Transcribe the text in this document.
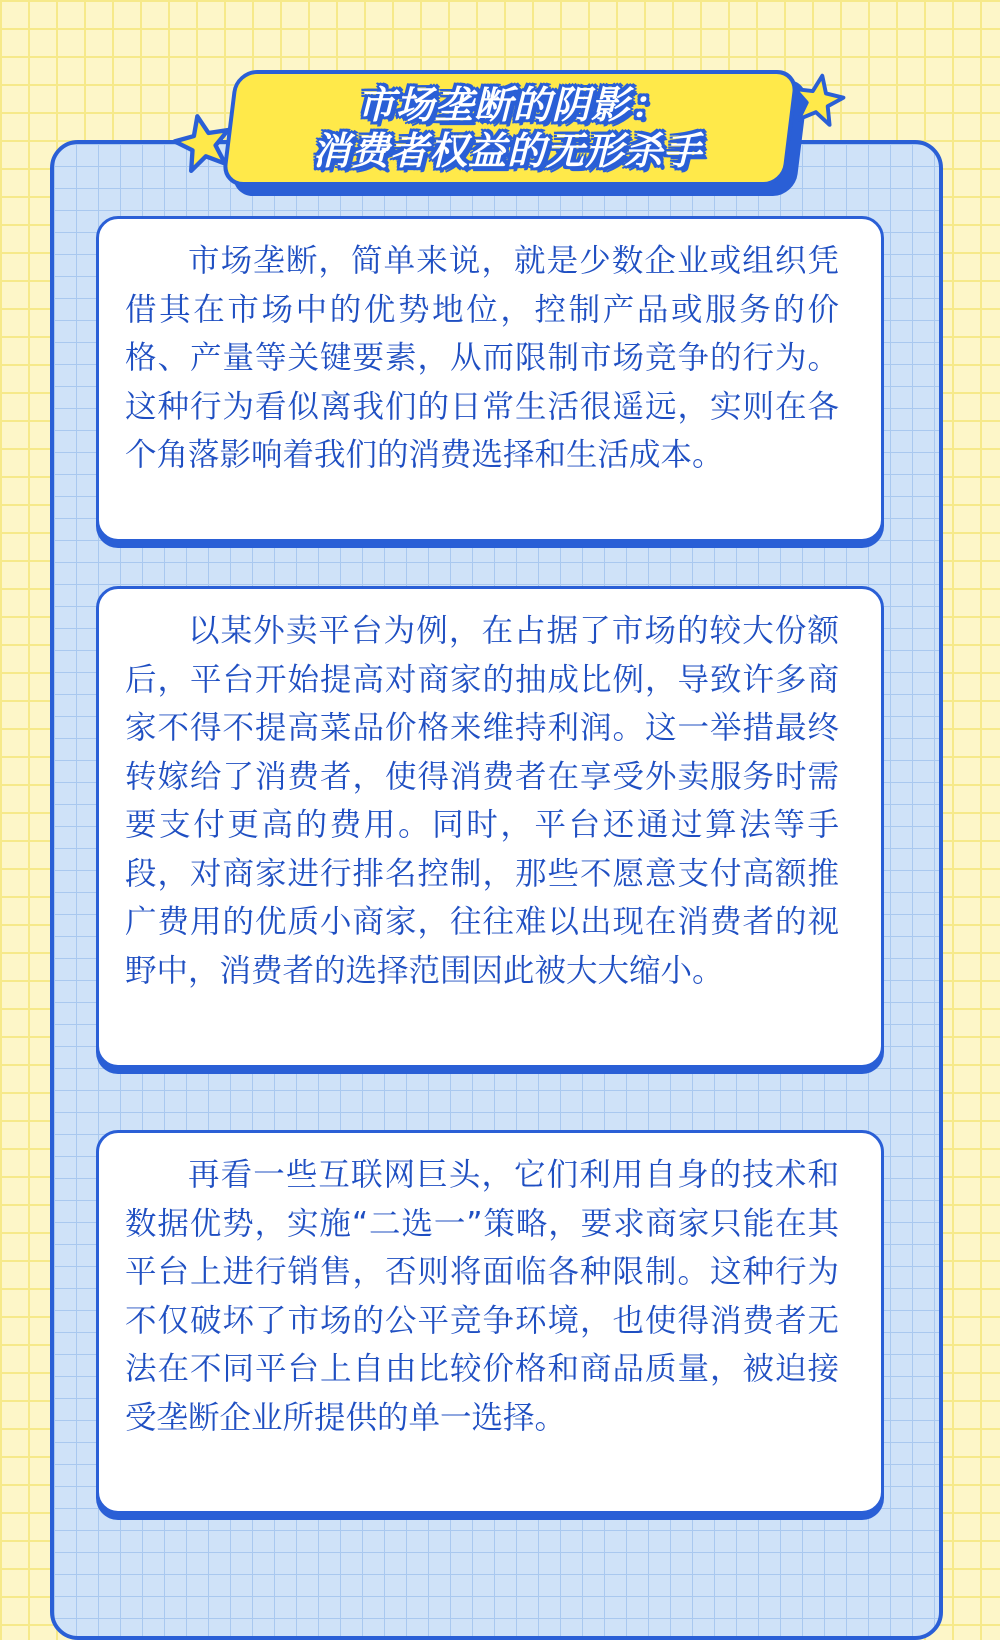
市场垄断的阴影：
消费者权益的无形杀手

市场垄断，简单来说，就是少数企业或组织凭借其在市场中的优势地位，控制产品或服务的价格、产量等关键要素，从而限制市场竞争的行为。这种行为看似离我们的日常生活很遥远，实则在各个角落影响着我们的消费选择和生活成本。

以某外卖平台为例，在占据了市场的较大份额后，平台开始提高对商家的抽成比例，导致许多商家不得不提高菜品价格来维持利润。这一举措最终转嫁给了消费者，使得消费者在享受外卖服务时需要支付更高的费用。同时，平台还通过算法等手段，对商家进行排名控制，那些不愿意支付高额推广费用的优质小商家，往往难以出现在消费者的视野中，消费者的选择范围因此被大大缩小。

再看一些互联网巨头，它们利用自身的技术和数据优势，实施“二选一”策略，要求商家只能在其平台上进行销售，否则将面临各种限制。这种行为不仅破坏了市场的公平竞争环境，也使得消费者无法在不同平台上自由比较价格和商品质量，被迫接受垄断企业所提供的单一选择。
